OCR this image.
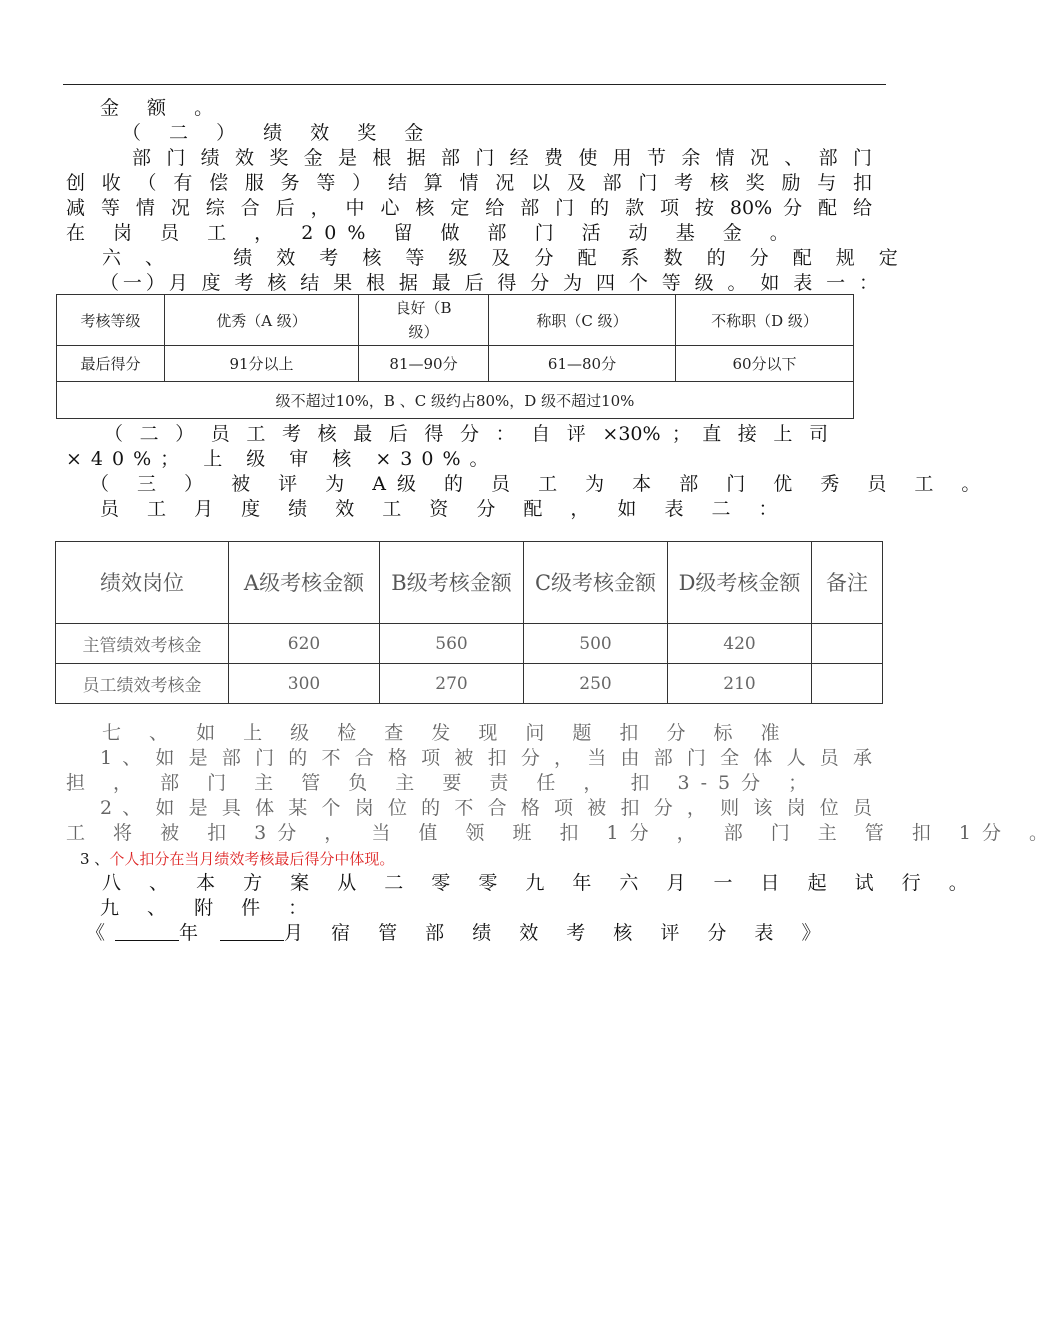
金 额 。
（ 二 ） 绩 效 奖 金
部 门 绩 效 奖 金 是 根 据 部 门 经 费 使 用 节 余 情 况 、 部 门
创 收 （ 有 偿 服 务 等 ） 结 算 情 况 以 及 部 门 考 核 奖 励 与 扣
减 等 情 况 综 合 后 ， 中 心 核 定 给 部 门 的 款 项 按 80% 分 配 给
在 岗 员 工 ， 20% 留 做 部 门 活 动 基 金 。
六 、    绩 效 考 核 等 级 及 分 配 系 数 的 分 配 规 定
（一）月 度 考 核 结 果 根 据 最 后 得 分 为 四 个 等 级 。 如 表 一 ：
考核等级	优秀（A 级）	良好（B级）	称职（C 级）	不称职（D 级）
最后得分	91分以上	81—90分	61—80分	60分以下
级不超过10%，B 、C 级约占80%，D 级不超过10%				
（ 二 ） 员 工 考 核 最 后 得 分 ： 自 评 ×30% ； 直 接 上 司
×40%； 上 级 审 核 ×30%。
（ 三 ） 被 评 为 A级 的 员 工 为 本 部 门 优 秀 员 工 。
员 工 月 度 绩 效 工 资 分 配 ， 如 表 二 ：
绩效岗位	A级考核金额	B级考核金额	C级考核金额	D级考核金额	备注
主管绩效考核金	620	560	500	420	
员工绩效考核金	300	270	250	210	
七 、 如 上 级 检 查 发 现 问 题 扣 分 标 准
1 、 如 是 部 门 的 不 合 格 项 被 扣 分 ， 当 由 部 门 全 体 人 员 承
担 ， 部 门 主 管 负 主 要 责 任 ， 扣 3-5分 ；
2 、 如 是 具 体 某 个 岗 位 的 不 合 格 项 被 扣 分 ， 则 该 岗 位 员
工 将 被 扣 3分 ， 当 值 领 班 扣 1分 ， 部 门 主 管 扣 1分 。
3 、个人扣分在当月绩效考核最后得分中体现。
八 、 本 方 案 从 二 零 零 九 年 六 月 一 日 起 试 行 。
九 、 附 件 ：
《	年	月 宿 管 部 绩 效 考 核 评 分 表 》
